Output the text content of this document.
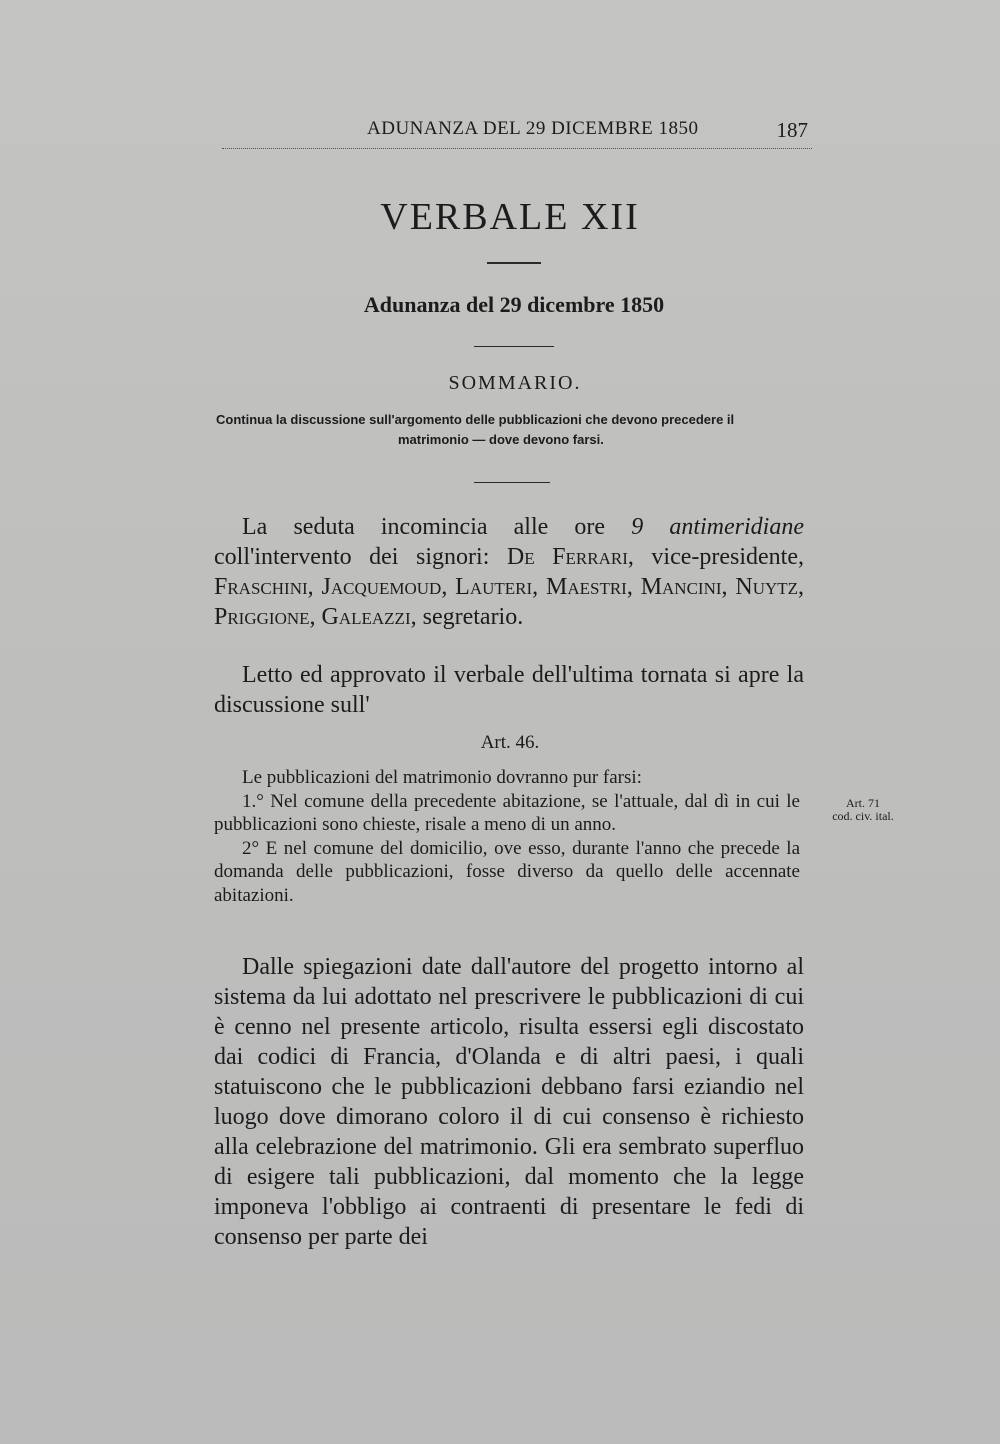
ADUNANZA DEL 29 DICEMBRE 1850	187
VERBALE XII
Adunanza del 29 dicembre 1850
SOMMARIO.
Continua la discussione sull'argomento delle pubblicazioni che devono precedere il
matrimonio — dove devono farsi.

La seduta incomincia alle ore 9 antimeridiane coll'intervento dei signori: De Ferrari, vice-presidente, Fraschini, Jacquemoud, Lauteri, Maestri, Mancini, Nuytz, Priggione, Galeazzi, segretario.

Letto ed approvato il verbale dell'ultima tornata si apre la discussione sull'

Art. 46.

Le pubblicazioni del matrimonio dovranno pur farsi:

1.° Nel comune della precedente abitazione, se l'attuale, dal dì in cui le pubblicazioni sono chieste, risale a meno di un anno.

2° E nel comune del domicilio, ove esso, durante l'anno che precede la domanda delle pubblicazioni, fosse diverso da quello delle accennate abitazioni.

Art. 71
cod. civ. ital.

Dalle spiegazioni date dall'autore del progetto intorno al sistema da lui adottato nel prescrivere le pubblicazioni di cui è cenno nel presente articolo, risulta essersi egli discostato dai codici di Francia, d'Olanda e di altri paesi, i quali statuiscono che le pubblicazioni debbano farsi eziandio nel luogo dove dimorano coloro il di cui consenso è richiesto alla celebrazione del matrimonio. Gli era sembrato superfluo di esigere tali pubblicazioni, dal momento che la legge imponeva l'obbligo ai contraenti di presentare le fedi di consenso per parte dei
